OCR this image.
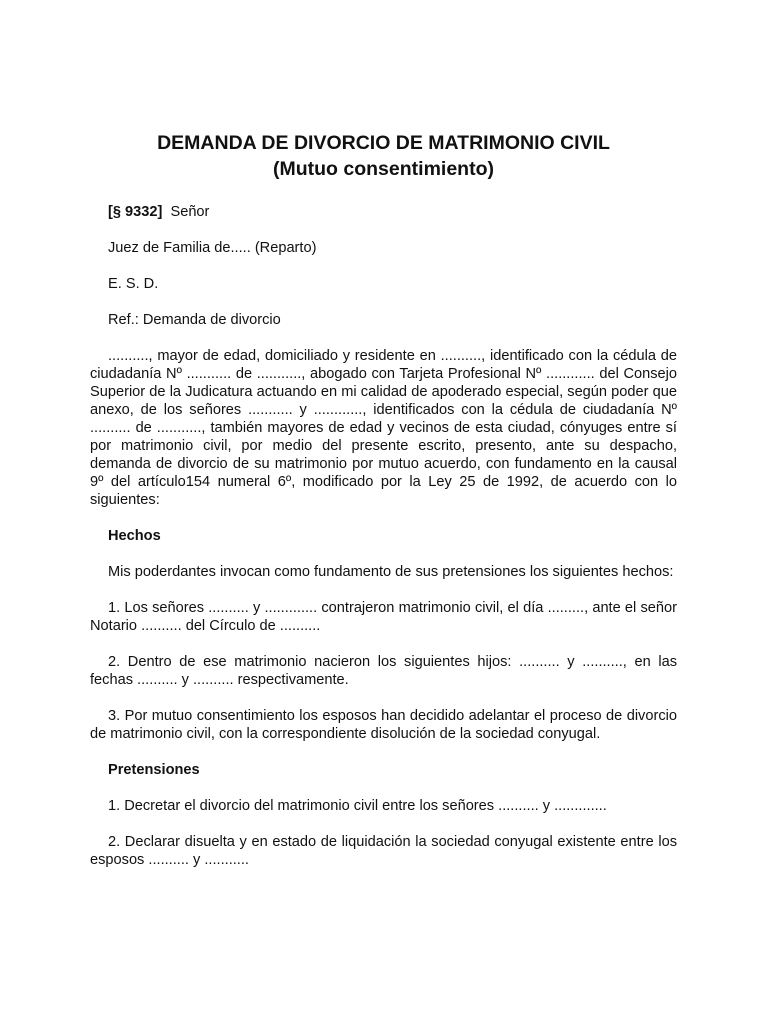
DEMANDA DE DIVORCIO DE MATRIMONIO CIVIL
(Mutuo consentimiento)

[§ 9332] Señor

Juez de Familia de..... (Reparto)

E. S. D.

Ref.: Demanda de divorcio

.........., mayor de edad, domiciliado y residente en .........., identificado con la cédula de ciudadanía Nº ........... de ..........., abogado con Tarjeta Profesional Nº ............ del Consejo Superior de la Judicatura actuando en mi calidad de apoderado especial, según poder que anexo, de los señores ........... y ............, identificados con la cédula de ciudadanía Nº .......... de ..........., también mayores de edad y vecinos de esta ciudad, cónyuges entre sí por matrimonio civil, por medio del presente escrito, presento, ante su despacho, demanda de divorcio de su matrimonio por mutuo acuerdo, con fundamento en la causal 9º del artículo154 numeral 6º, modificado por la Ley 25 de 1992, de acuerdo con lo siguientes:

Hechos

Mis poderdantes invocan como fundamento de sus pretensiones los siguientes hechos:

1. Los señores .......... y ............. contrajeron matrimonio civil, el día ........., ante el señor Notario .......... del Círculo de ..........

2. Dentro de ese matrimonio nacieron los siguientes hijos: .......... y .........., en las fechas .......... y .......... respectivamente.

3. Por mutuo consentimiento los esposos han decidido adelantar el proceso de divorcio de matrimonio civil, con la correspondiente disolución de la sociedad conyugal.

Pretensiones

1. Decretar el divorcio del matrimonio civil entre los señores .......... y .............

2. Declarar disuelta y en estado de liquidación la sociedad conyugal existente entre los esposos .......... y ...........
